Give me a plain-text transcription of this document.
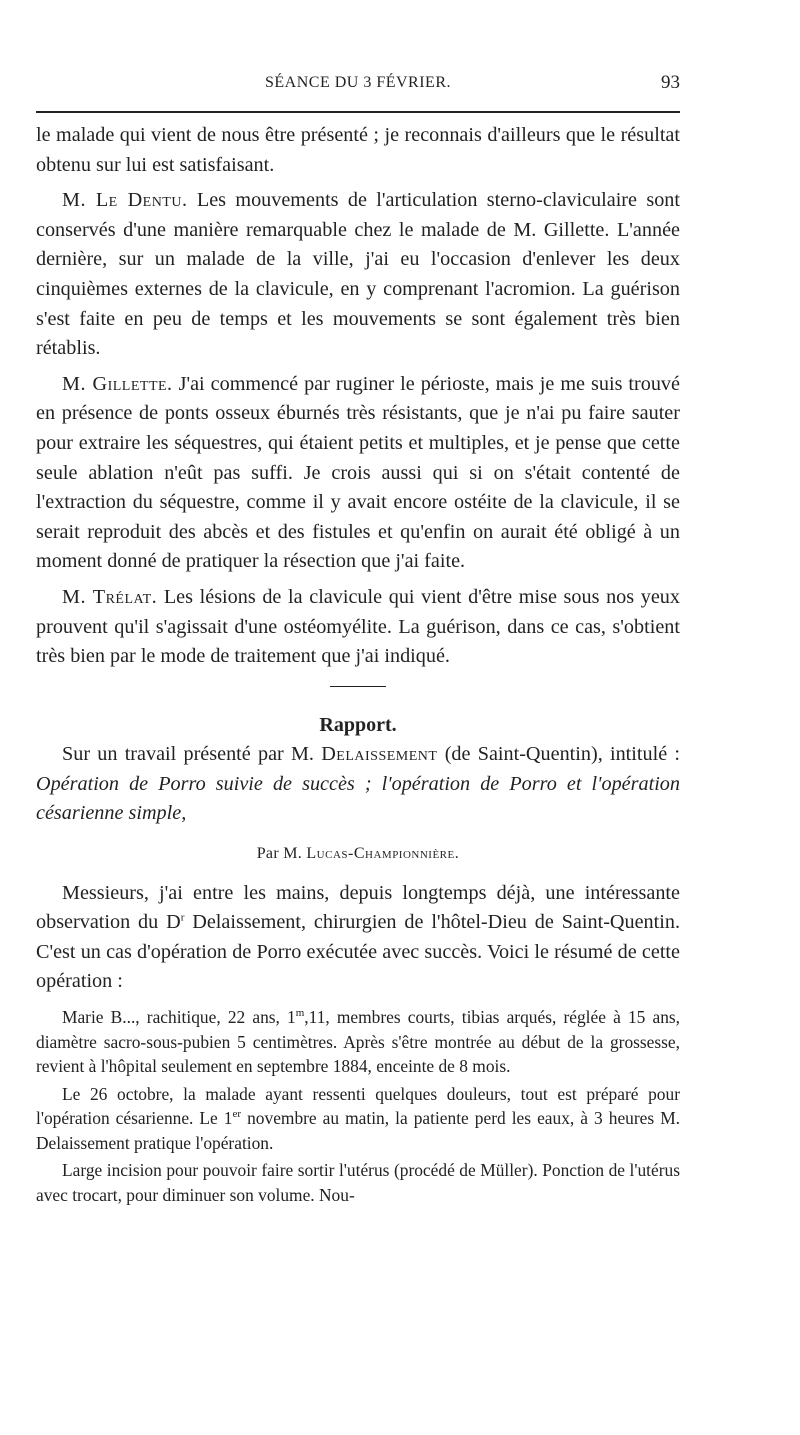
SÉANCE DU 3 FÉVRIER.	93

le malade qui vient de nous être présenté ; je reconnais d'ailleurs que le résultat obtenu sur lui est satisfaisant.

M. Le Dentu. Les mouvements de l'articulation sterno-claviculaire sont conservés d'une manière remarquable chez le malade de M. Gillette. L'année dernière, sur un malade de la ville, j'ai eu l'occasion d'enlever les deux cinquièmes externes de la clavicule, en y comprenant l'acromion. La guérison s'est faite en peu de temps et les mouvements se sont également très bien rétablis.

M. Gillette. J'ai commencé par ruginer le périoste, mais je me suis trouvé en présence de ponts osseux éburnés très résistants, que je n'ai pu faire sauter pour extraire les séquestres, qui étaient petits et multiples, et je pense que cette seule ablation n'eût pas suffi. Je crois aussi qui si on s'était contenté de l'extraction du séquestre, comme il y avait encore ostéite de la clavicule, il se serait reproduit des abcès et des fistules et qu'enfin on aurait été obligé à un moment donné de pratiquer la résection que j'ai faite.

M. Trélat. Les lésions de la clavicule qui vient d'être mise sous nos yeux prouvent qu'il s'agissait d'une ostéomyélite. La guérison, dans ce cas, s'obtient très bien par le mode de traitement que j'ai indiqué.

Rapport.

Sur un travail présenté par M. Delaissement (de Saint-Quentin), intitulé : Opération de Porro suivie de succès ; l'opération de Porro et l'opération césarienne simple,

Par M. Lucas-Championnière.

Messieurs, j'ai entre les mains, depuis longtemps déjà, une intéressante observation du $D^r$ Delaissement, chirurgien de l'hôtel-Dieu de Saint-Quentin. C'est un cas d'opération de Porro exécutée avec succès. Voici le résumé de cette opération :

Marie B..., rachitique, 22 ans, 1$^m$,11, membres courts, tibias arqués, réglée à 15 ans, diamètre sacro-sous-pubien 5 centimètres. Après s'être montrée au début de la grossesse, revient à l'hôpital seulement en septembre 1884, enceinte de 8 mois.

Le 26 octobre, la malade ayant ressenti quelques douleurs, tout est préparé pour l'opération césarienne. Le 1er novembre au matin, la patiente perd les eaux, à 3 heures M. Delaissement pratique l'opération.

Large incision pour pouvoir faire sortir l'utérus (procédé de Müller). Ponction de l'utérus avec trocart, pour diminuer son volume. Nou-
